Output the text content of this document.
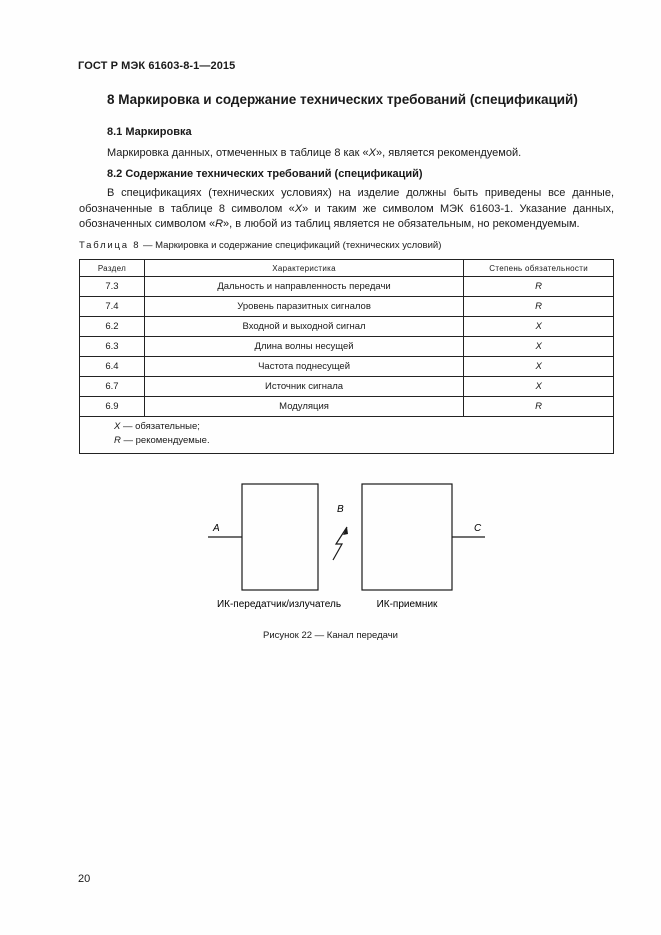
ГОСТ Р МЭК 61603-8-1—2015
8 Маркировка и содержание технических требований (спецификаций)
8.1 Маркировка
Маркировка данных, отмеченных в таблице 8 как «X», является рекомендуемой.
8.2 Содержание технических требований (спецификаций)
В спецификациях (технических условиях) на изделие должны быть приведены все данные, обозначенные в таблице 8 символом «X» и таким же символом МЭК 61603-1. Указание данных, обозначенных символом «R», в любой из таблиц является не обязательным, но рекомендуемым.
Таблица 8 — Маркировка и содержание спецификаций (технических условий)
Раздел	Характеристика	Степень обязательности
7.3	Дальность и направленность передачи	R
7.4	Уровень паразитных сигналов	R
6.2	Входной и выходной сигнал	X
6.3	Длина волны несущей	X
6.4	Частота поднесущей	X
6.7	Источник сигнала	X
6.9	Модуляция	R

X — обязательные;
R — рекомендуемые.		
A
B
C
ИК-передатчик/излучатель	ИК-приемник
Рисунок 22 — Канал передачи
20
